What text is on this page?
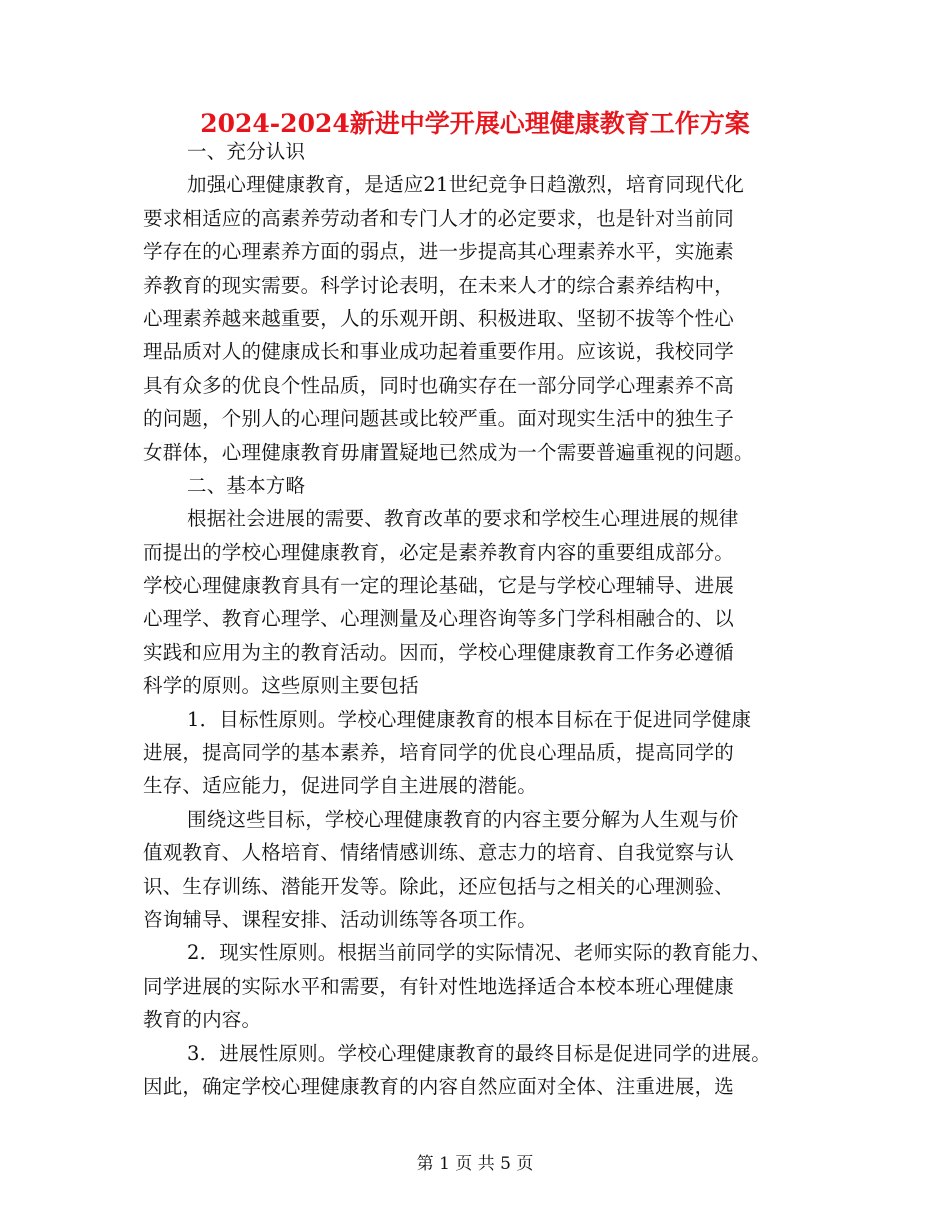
2024-2024新进中学开展心理健康教育工作方案
一、充分认识
加强心理健康教育，是适应21世纪竞争日趋激烈，培育同现代化
要求相适应的高素养劳动者和专门人才的必定要求，也是针对当前同
学存在的心理素养方面的弱点，进一步提高其心理素养水平，实施素
养教育的现实需要。科学讨论表明，在未来人才的综合素养结构中，
心理素养越来越重要，人的乐观开朗、积极进取、坚韧不拔等个性心
理品质对人的健康成长和事业成功起着重要作用。应该说，我校同学
具有众多的优良个性品质，同时也确实存在一部分同学心理素养不高
的问题，个别人的心理问题甚或比较严重。面对现实生活中的独生子
女群体，心理健康教育毋庸置疑地已然成为一个需要普遍重视的问题。
二、基本方略
根据社会进展的需要、教育改革的要求和学校生心理进展的规律
而提出的学校心理健康教育，必定是素养教育内容的重要组成部分。
学校心理健康教育具有一定的理论基础，它是与学校心理辅导、进展
心理学、教育心理学、心理测量及心理咨询等多门学科相融合的、以
实践和应用为主的教育活动。因而，学校心理健康教育工作务必遵循
科学的原则。这些原则主要包括
1．目标性原则。学校心理健康教育的根本目标在于促进同学健康
进展，提高同学的基本素养，培育同学的优良心理品质，提高同学的
生存、适应能力，促进同学自主进展的潜能。
围绕这些目标，学校心理健康教育的内容主要分解为人生观与价
值观教育、人格培育、情绪情感训练、意志力的培育、自我觉察与认
识、生存训练、潜能开发等。除此，还应包括与之相关的心理测验、
咨询辅导、课程安排、活动训练等各项工作。
2．现实性原则。根据当前同学的实际情况、老师实际的教育能力、
同学进展的实际水平和需要，有针对性地选择适合本校本班心理健康
教育的内容。
3．进展性原则。学校心理健康教育的最终目标是促进同学的进展。
因此，确定学校心理健康教育的内容自然应面对全体、注重进展，选
第 1 页 共 5 页
